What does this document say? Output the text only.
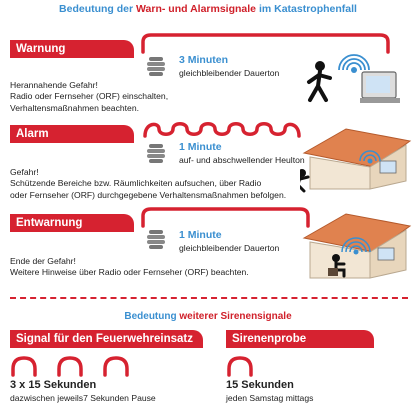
Bedeutung der Warn- und Alarmsignale im Katastrophenfall
Warnung
3 Minuten
gleichbleibender Dauerton
Herannahende Gefahr!
Radio oder Fernseher (ORF) einschalten,
Verhaltensmaßnahmen beachten.
Alarm
1 Minute
auf- und abschwellender Heulton
Gefahr!
Schützende Bereiche bzw. Räumlichkeiten aufsuchen, über Radio
oder Fernseher (ORF) durchgegebene Verhaltensmaßnahmen befolgen.
Entwarnung
1 Minute
gleichbleibender Dauerton
Ende der Gefahr!
Weitere Hinweise über Radio oder Fernseher (ORF) beachten.
Bedeutung weiterer Sirenensignale
Signal für den Feuerwehreinsatz
3 x 15 Sekunden
dazwischen jeweils7 Sekunden Pause
Sirenenprobe
15 Sekunden
jeden Samstag mittags
